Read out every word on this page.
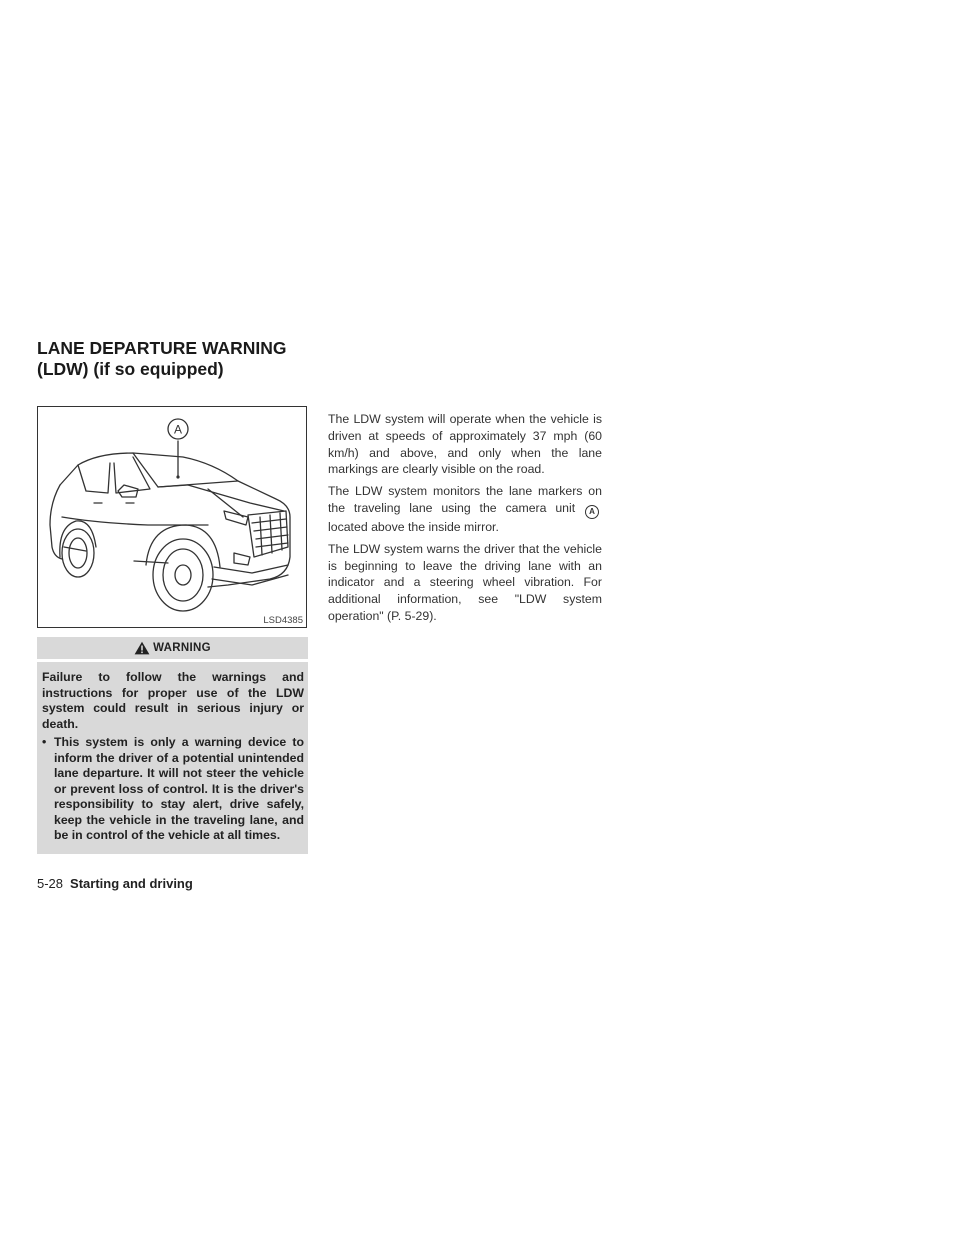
LANE DEPARTURE WARNING (LDW) (if so equipped)
A
LSD4385
WARNING

Failure to follow the warnings and instructions for proper use of the LDW system could result in serious injury or death.

• This system is only a warning device to inform the driver of a potential unintended lane departure. It will not steer the vehicle or prevent loss of control. It is the driver's responsibility to stay alert, drive safely, keep the vehicle in the traveling lane, and be in control of the vehicle at all times.

The LDW system will operate when the vehicle is driven at speeds of approximately 37 mph (60 km/h) and above, and only when the lane markings are clearly visible on the road.

The LDW system monitors the lane markers on the traveling lane using the camera unit Alocated above the inside mirror.

The LDW system warns the driver that the vehicle is beginning to leave the driving lane with an indicator and a steering wheel vibration. For additional information, see "LDW system operation" (P. 5-29).

5-28 Starting and driving
